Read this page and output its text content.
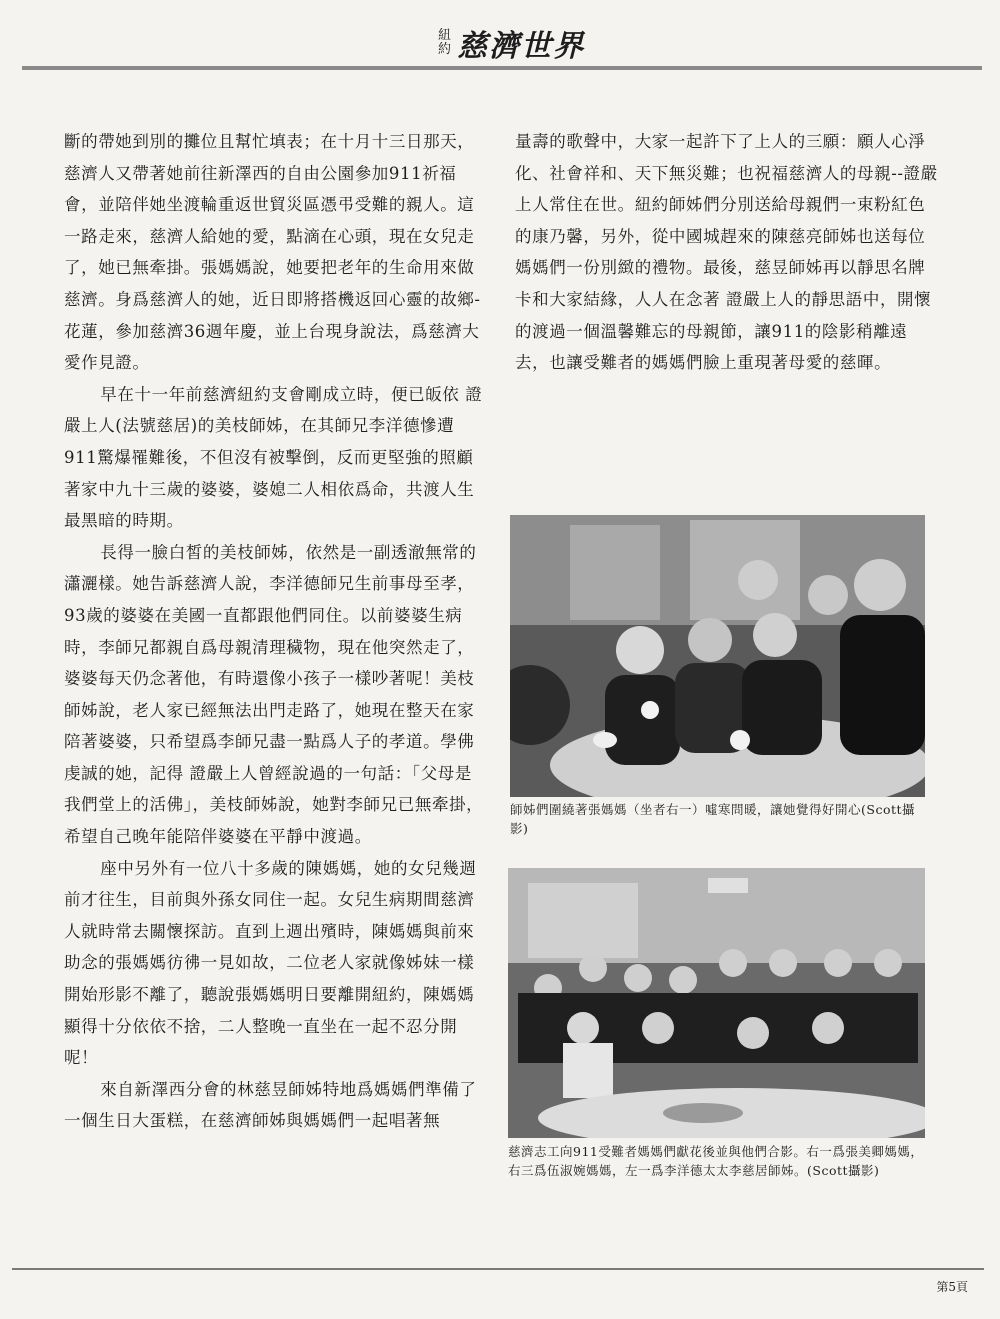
紐
約 慈濟世界

斷的帶她到別的攤位且幫忙填表；在十月十三日那天，慈濟人又帶著她前往新澤西的自由公園參加911祈福會，並陪伴她坐渡輪重返世貿災區憑弔受難的親人。這一路走來，慈濟人給她的愛，點滴在心頭，現在女兒走了，她已無牽掛。張媽媽說，她要把老年的生命用來做慈濟。身爲慈濟人的她，近日即將搭機返回心靈的故鄉-花蓮，參加慈濟36週年慶，並上台現身說法，爲慈濟大愛作見證。

早在十一年前慈濟紐約支會剛成立時，便已皈依 證嚴上人(法號慈居)的美枝師姊，在其師兄李洋德慘遭911驚爆罹難後，不但沒有被擊倒，反而更堅強的照顧著家中九十三歲的婆婆，婆媳二人相依爲命，共渡人生最黑暗的時期。

長得一臉白皙的美枝師姊，依然是一副透澈無常的瀟灑樣。她告訴慈濟人說，李洋德師兄生前事母至孝，93歲的婆婆在美國一直都跟他們同住。以前婆婆生病時，李師兄都親自爲母親清理穢物，現在他突然走了，婆婆每天仍念著他，有時還像小孩子一樣吵著呢！美枝師姊說，老人家已經無法出門走路了，她現在整天在家陪著婆婆，只希望爲李師兄盡一點爲人子的孝道。學佛虔誠的她，記得 證嚴上人曾經說過的一句話：「父母是我們堂上的活佛」，美枝師姊說，她對李師兄已無牽掛，希望自己晚年能陪伴婆婆在平靜中渡過。

座中另外有一位八十多歲的陳媽媽，她的女兒幾週前才往生，目前與外孫女同住一起。女兒生病期間慈濟人就時常去關懷探訪。直到上週出殯時，陳媽媽與前來助念的張媽媽彷彿一見如故，二位老人家就像姊妹一樣開始形影不離了，聽說張媽媽明日要離開紐約，陳媽媽顯得十分依依不捨，二人整晚一直坐在一起不忍分開呢！

來自新澤西分會的林慈昱師姊特地爲媽媽們準備了一個生日大蛋糕，在慈濟師姊與媽媽們一起唱著無

量壽的歌聲中，大家一起許下了上人的三願：願人心淨化、社會祥和、天下無災難；也祝福慈濟人的母親--證嚴上人常住在世。紐約師姊們分別送給母親們一束粉紅色的康乃馨，另外，從中國城趕來的陳慈亮師姊也送每位媽媽們一份別緻的禮物。最後，慈昱師姊再以靜思名牌卡和大家結緣，人人在念著 證嚴上人的靜思語中，開懷的渡過一個溫馨難忘的母親節，讓911的陰影稍離遠去，也讓受難者的媽媽們臉上重現著母愛的慈暉。

師姊們圍繞著張媽媽（坐者右一）噓寒問暖，讓她覺得好開心(Scott攝影)
慈濟志工向911受難者媽媽們獻花後並與他們合影。右一爲張美卿媽媽，右三爲伍淑婉媽媽，左一爲李洋德太太李慈居師姊。(Scott攝影)
第5頁
